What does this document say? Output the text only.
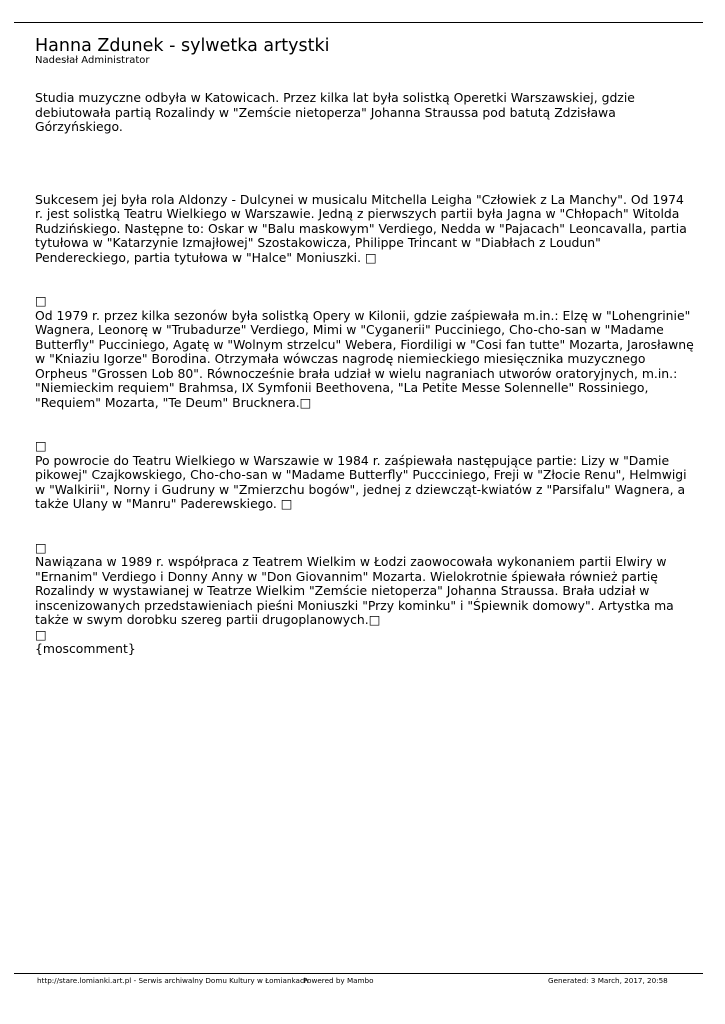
Hanna Zdunek - sylwetka artystki
Nadesłał Administrator

Studia muzyczne odbyła w Katowicach. Przez kilka lat była solistką Operetki Warszawskiej, gdzie debiutowała partią Rozalindy w "Zemście nietoperza" Johanna Straussa pod batutą Zdzisława Górzyńskiego.

Sukcesem jej była rola Aldonzy - Dulcynei w musicalu Mitchella Leigha "Człowiek z La Manchy". Od 1974 r. jest solistką Teatru Wielkiego w Warszawie. Jedną z pierwszych partii była Jagna w "Chłopach" Witolda Rudzińskiego. Następne to: Oskar w "Balu maskowym" Verdiego, Nedda w "Pajacach" Leoncavalla, partia tytułowa w "Katarzynie Izmajłowej" Szostakowicza, Philippe Trincant w "Diabłach z Loudun" Pendereckiego, partia tytułowa w "Halce" Moniuszki. □

□

Od 1979 r. przez kilka sezonów była solistką Opery w Kilonii, gdzie zaśpiewała m.in.: Elzę w "Lohengrinie" Wagnera, Leonorę w "Trubadurze" Verdiego, Mimi w "Cyganerii" Pucciniego, Cho-cho-san w "Madame Butterfly" Pucciniego, Agatę w "Wolnym strzelcu" Webera, Fiordiligi w "Cosi fan tutte" Mozarta, Jarosławnę w "Kniaziu Igorze" Borodina. Otrzymała wówczas nagrodę niemieckiego miesięcznika muzycznego Orpheus "Grossen Lob 80". Równocześnie brała udział w wielu nagraniach utworów oratoryjnych, m.in.: "Niemieckim requiem" Brahmsa, IX Symfonii Beethovena, "La Petite Messe Solennelle" Rossiniego, "Requiem" Mozarta, "Te Deum" Brucknera.□

□

Po powrocie do Teatru Wielkiego w Warszawie w 1984 r. zaśpiewała następujące partie: Lizy w "Damie pikowej" Czajkowskiego, Cho-cho-san w "Madame Butterfly" Puccciniego, Freji w "Złocie Renu", Helmwigi w "Walkirii", Norny i Gudruny w "Zmierzchu bogów", jednej z dziewcząt-kwiatów z "Parsifalu" Wagnera, a także Ulany w "Manru" Paderewskiego. □

□

Nawiązana w 1989 r. współpraca z Teatrem Wielkim w Łodzi zaowocowała wykonaniem partii Elwiry w "Ernanim" Verdiego i Donny Anny w "Don Giovannim" Mozarta. Wielokrotnie śpiewała również partię Rozalindy w wystawianej w Teatrze Wielkim "Zemście nietoperza" Johanna Straussa. Brała udział w inscenizowanych przedstawieniach pieśni Moniuszki "Przy kominku" i "Śpiewnik domowy". Artystka ma także w swym dorobku szereg partii drugoplanowych.□

□

{moscomment}

http://stare.lomianki.art.pl - Serwis archiwalny Domu Kultury w Łomiankach
Powered by Mambo	Generated: 3 March, 2017, 20:58
